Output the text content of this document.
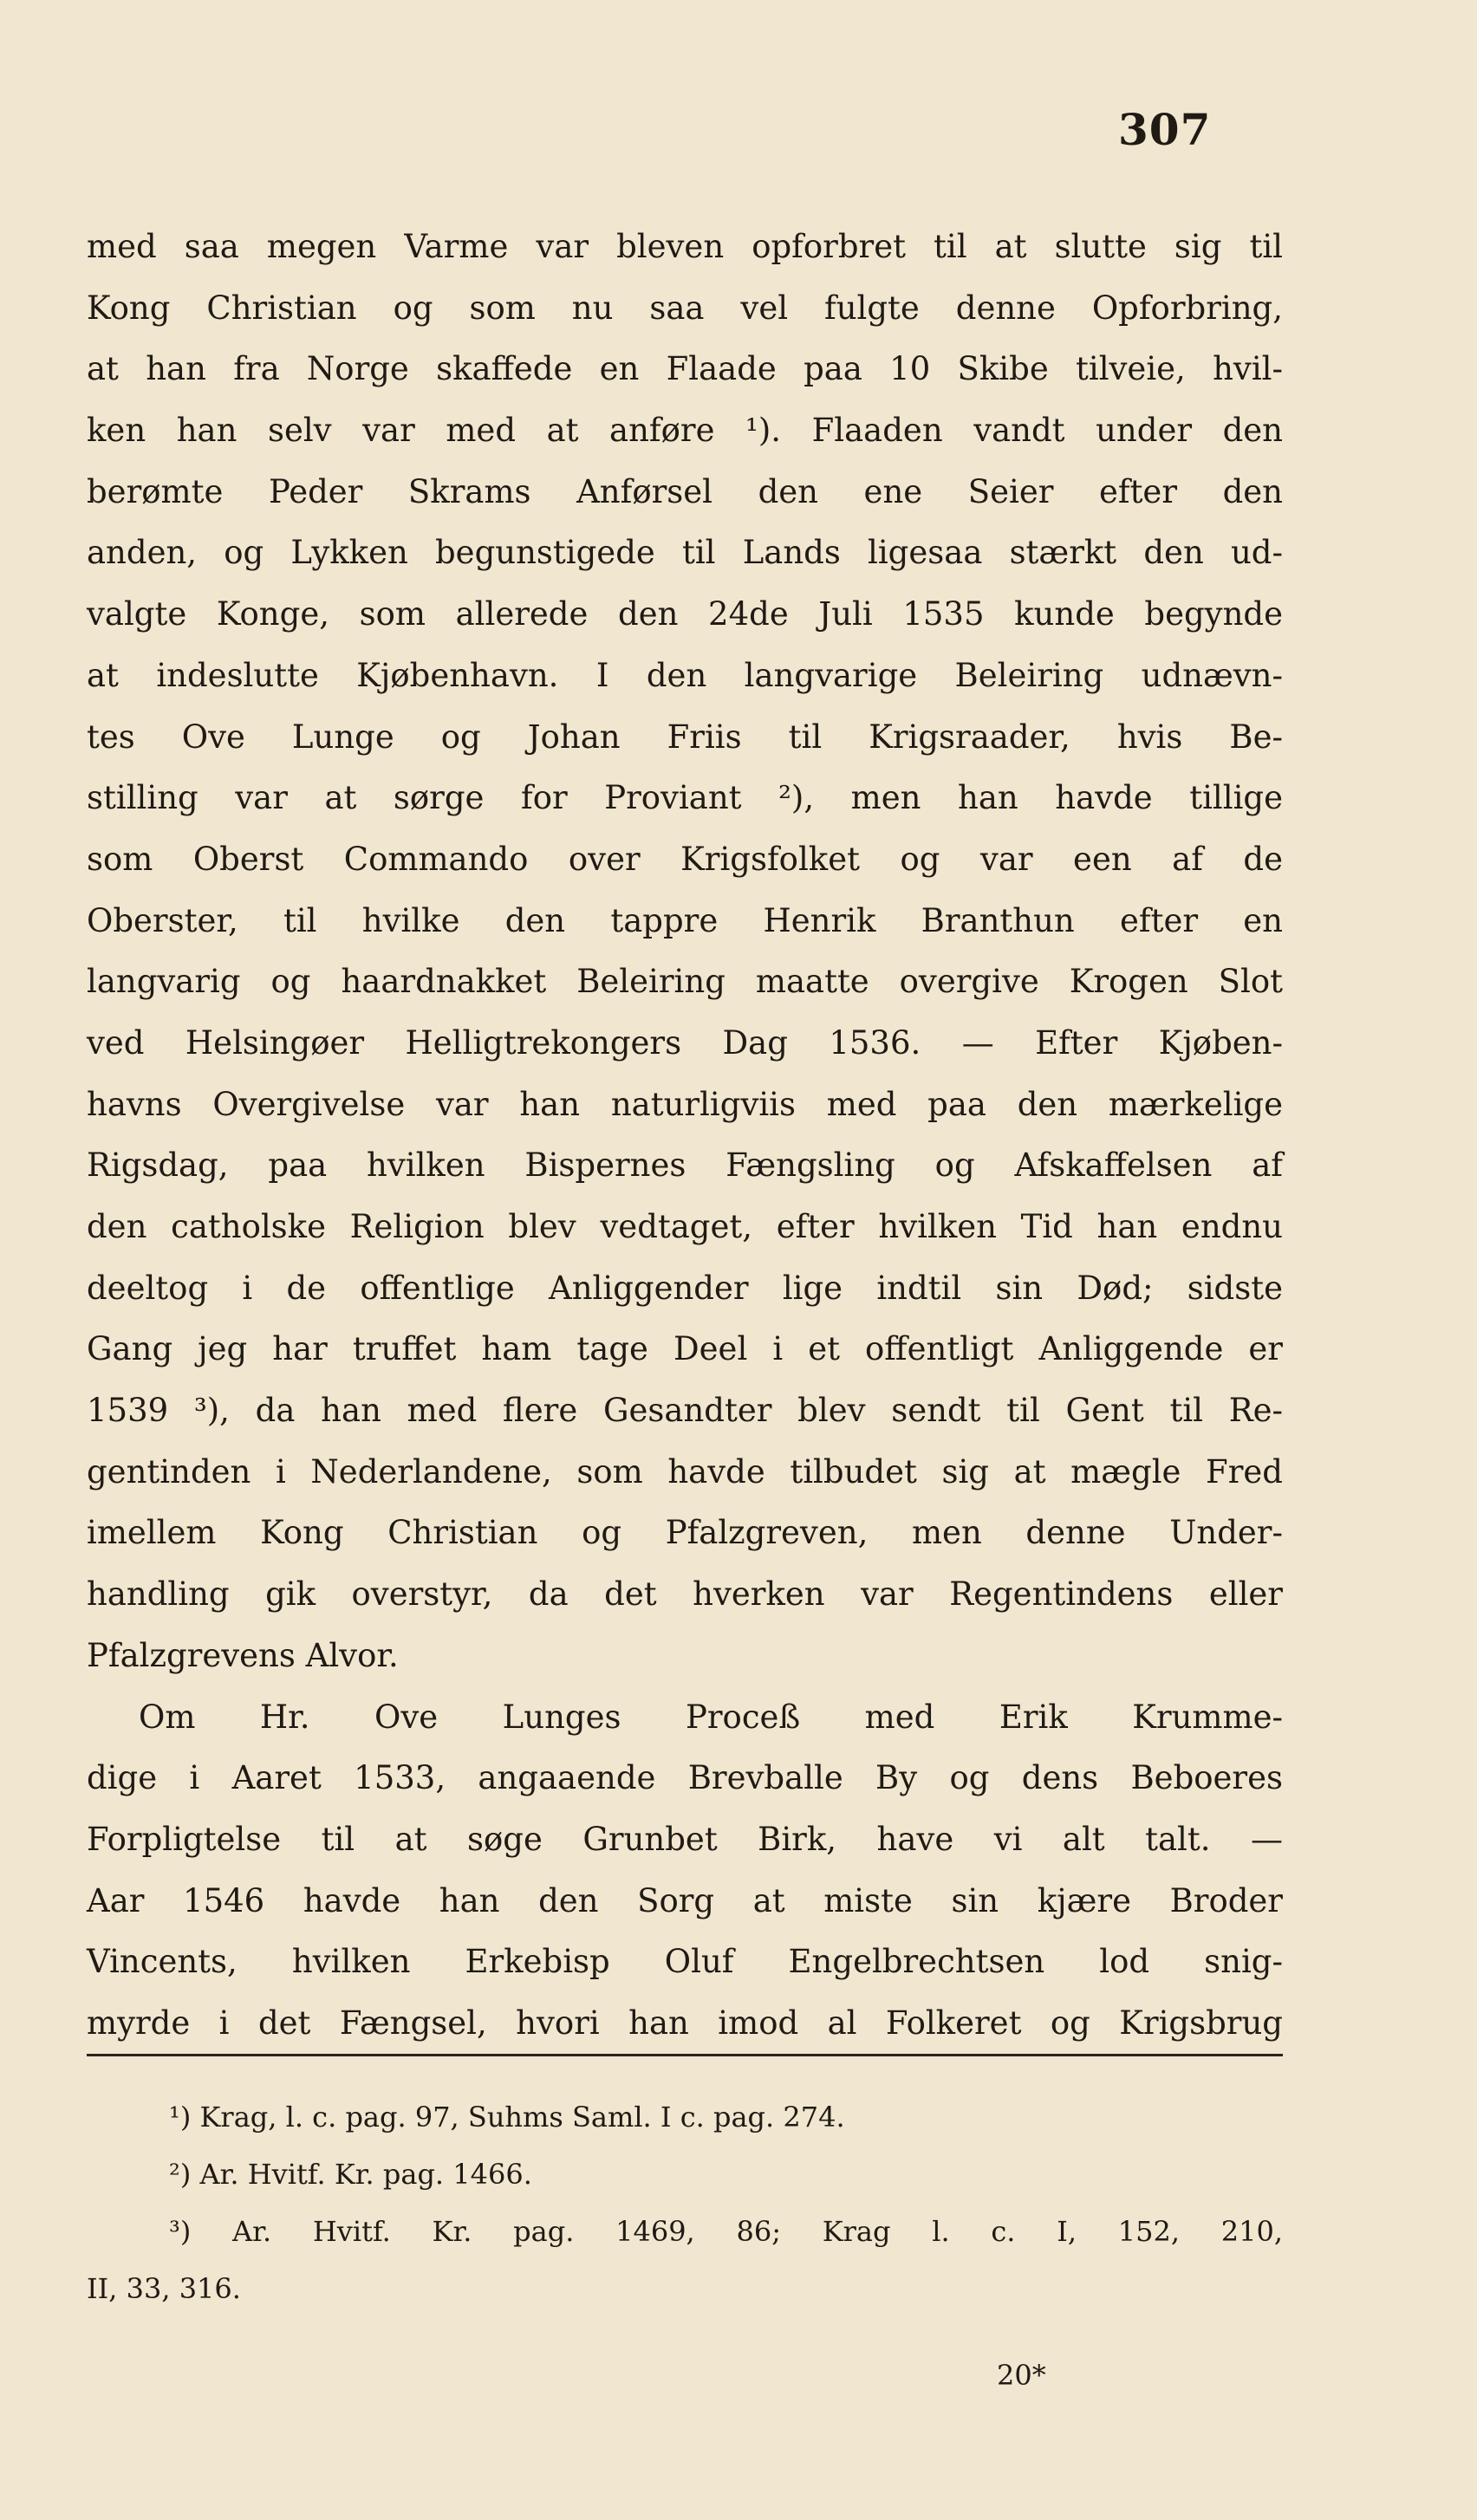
307
med saa megen Varme var bleven opforbret til at slutte sig til
Kong Christian og som nu saa vel fulgte denne Opforbring,
at han fra Norge skaffede en Flaade paa 10 Skibe tilveie, hvil-
ken han selv var med at anføre ¹). Flaaden vandt under den
berømte Peder Skrams Anførsel den ene Seier efter den
anden, og Lykken begunstigede til Lands ligesaa stærkt den ud-
valgte Konge, som allerede den 24de Juli 1535 kunde begynde
at indeslutte Kjøbenhavn. I den langvarige Beleiring udnævn-
tes Ove Lunge og Johan Friis til Krigsraader, hvis Be-
stilling var at sørge for Proviant ²), men han havde tillige
som Oberst Commando over Krigsfolket og var een af de
Oberster, til hvilke den tappre Henrik Branthun efter en
langvarig og haardnakket Beleiring maatte overgive Krogen Slot
ved Helsingøer Helligtrekongers Dag 1536. — Efter Kjøben-
havns Overgivelse var han naturligviis med paa den mærkelige
Rigsdag, paa hvilken Bispernes Fængsling og Afskaffelsen af
den catholske Religion blev vedtaget, efter hvilken Tid han endnu
deeltog i de offentlige Anliggender lige indtil sin Død; sidste
Gang jeg har truffet ham tage Deel i et offentligt Anliggende er
1539 ³), da han med flere Gesandter blev sendt til Gent til Re-
gentinden i Nederlandene, som havde tilbudet sig at mægle Fred
imellem Kong Christian og Pfalzgreven, men denne Under-
handling gik overstyr, da det hverken var Regentindens eller
Pfalzgrevens Alvor.
Om Hr. Ove Lunges Proceß med Erik Krumme-
dige i Aaret 1533, angaaende Brevballe By og dens Beboeres
Forpligtelse til at søge Grunbet Birk, have vi alt talt. —
Aar 1546 havde han den Sorg at miste sin kjære Broder
Vincents, hvilken Erkebisp Oluf Engelbrechtsen lod snig-
myrde i det Fængsel, hvori han imod al Folkeret og Krigsbrug
¹) Krag, l. c. pag. 97, Suhms Saml. I c. pag. 274.
²) Ar. Hvitf. Kr. pag. 1466.
³) Ar. Hvitf. Kr. pag. 1469, 86; Krag l. c. I, 152, 210,
II, 33, 316.
20*
